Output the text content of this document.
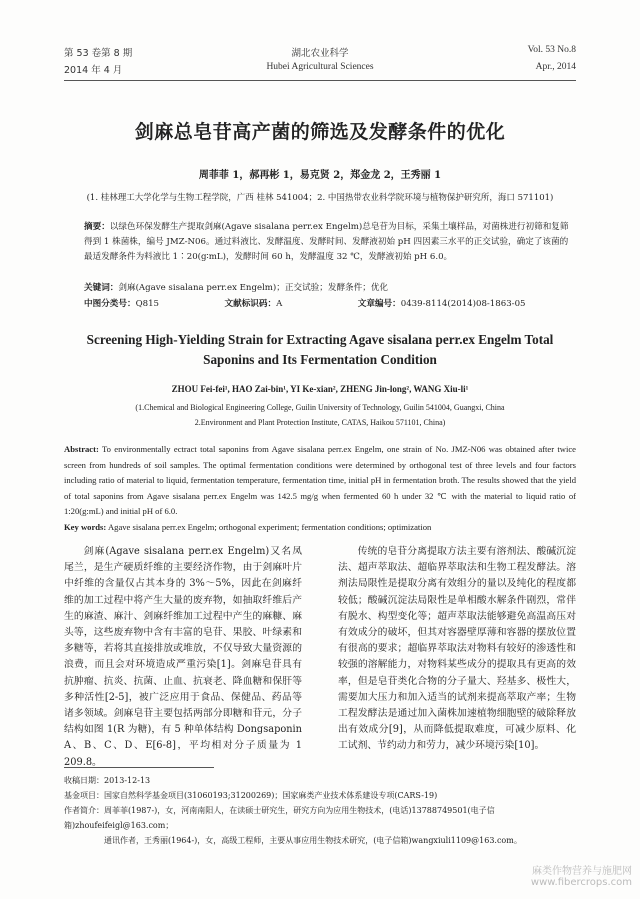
第 53 卷第 8 期
2014 年 4 月
湖北农业科学
Hubei Agricultural Sciences
Vol. 53 No.8
Apr., 2014
剑麻总皂苷高产菌的筛选及发酵条件的优化
周菲菲 1，郝再彬 1，易克贤 2，郑金龙 2，王秀丽 1
(1. 桂林理工大学化学与生物工程学院，广西 桂林 541004；2. 中国热带农业科学院环境与植物保护研究所，海口 571101)
摘要：以绿色环保发酵生产提取剑麻(Agave sisalana perr.ex Engelm)总皂苷为目标，采集土壤样品，对菌株进行初筛和复筛得到 1 株菌株，编号 JMZ-N06。通过料液比、发酵温度、发酵时间、发酵液初始 pH 四因素三水平的正交试验，确定了该菌的最适发酵条件为料液比 1∶20(g∶mL)，发酵时间 60 h，发酵温度 32 ℃，发酵液初始 pH 6.0。
关键词：剑麻(Agave sisalana perr.ex Engelm)；正交试验；发酵条件；优化
中图分类号：Q815	文献标识码：A	文章编号：0439-8114(2014)08-1863-05
Screening High-Yielding Strain for Extracting Agave sisalana perr.ex Engelm Total
Saponins and Its Fermentation Condition
ZHOU Fei-fei¹, HAO Zai-bin¹, YI Ke-xian², ZHENG Jin-long², WANG Xiu-li¹
(1.Chemical and Biological Engineering College, Guilin University of Technology, Guilin 541004, Guangxi, China
2.Environment and Plant Protection Institute, CATAS, Haikou 571101, China)
Abstract: To environmentally ectract total saponins from Agave sisalana perr.ex Engelm, one strain of No. JMZ-N06 was obtained after twice screen from hundreds of soil samples. The optimal fermentation conditions were determined by orthogonal test of three levels and four factors including ratio of material to liquid, fermentation temperature, fermentation time, initial pH in fermentation broth. The results showed that the yield of total saponins from Agave sisalana perr.ex Engelm was 142.5 mg/g when fermented 60 h under 32 ℃ with the material to liquid ratio of 1:20(g:mL) and initial pH of 6.0.
Key words: Agave sisalana perr.ex Engelm; orthogonal experiment; fermentation conditions; optimization
剑麻(Agave sisalana perr.ex Engelm)又名凤尾兰，是生产硬质纤维的主要经济作物，由于剑麻叶片中纤维的含量仅占其本身的 3%～5%，因此在剑麻纤维的加工过程中将产生大量的废弃物，如抽取纤维后产生的麻渣、麻汁、剑麻纤维加工过程中产生的麻糠、麻头等，这些废弃物中含有丰富的皂苷、果胶、叶绿素和多糖等，若将其直接排放或堆放，不仅导致大量资源的浪费，而且会对环境造成严重污染[1]。剑麻皂苷具有抗肿瘤、抗炎、抗菌、止血、抗衰老、降血糖和保肝等多种活性[2-5]，被广泛应用于食品、保健品、药品等诸多领域。剑麻皂苷主要包括两部分即糖和苷元，分子结构如图 1(R 为糖)，有 5 种单体结构 Dongsaponin A、B、C、D、E[6-8]，平均相对分子质量为 1 209.8。
传统的皂苷分离提取方法主要有溶剂法、酸碱沉淀法、超声萃取法、超临界萃取法和生物工程发酵法。溶剂法局限性是提取分离有效组分的量以及纯化的程度都较低；酸碱沉淀法局限性是单相酸水解条件剧烈，常伴有脱水、构型变化等；超声萃取法能够避免高温高压对有效成分的破坏，但其对容器壁厚薄和容器的摆放位置有很高的要求；超临界萃取法对物料有较好的渗透性和较强的溶解能力，对物料某些成分的提取具有更高的效率，但是皂苷类化合物的分子量大、羟基多、极性大，需要加大压力和加入适当的试剂来提高萃取产率；生物工程发酵法是通过加入菌株加速植物细胞壁的破除释放出有效成分[9]，从而降低提取难度，可减少原料、化工试剂、节约动力和劳力，减少环境污染[10]。
收稿日期：2013-12-13
基金项目：国家自然科学基金项目(31060193;31200269)；国家麻类产业技术体系建设专项(CARS-19)
作者简介：周菲菲(1987-)，女，河南南阳人，在读硕士研究生，研究方向为应用生物技术，(电话)13788749501(电子信箱)zhoufeifeigl@163.com；
通讯作者，王秀丽(1964-)，女，高级工程师，主要从事应用生物技术研究，(电子信箱)wangxiuli1109@163.com。
麻类作物营养与施肥网
www.fibercrops.com
